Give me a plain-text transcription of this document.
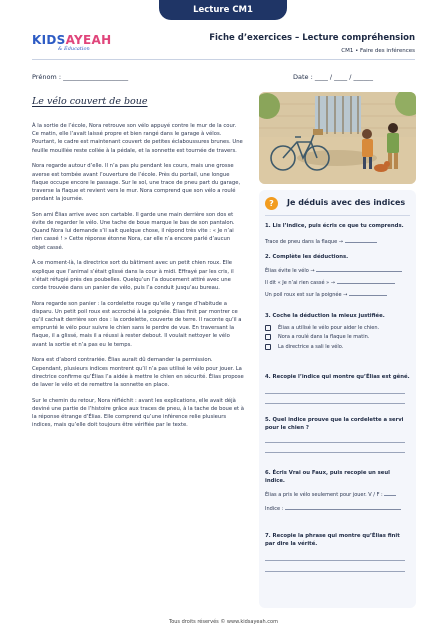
Lecture CM1
KIDSAYEAH
& Éducation
Fiche d’exercices – Lecture compréhension
CM1 • Faire des inférences
Prénom : ____________________	Date : ____ / ____ / ______
Le vélo couvert de boue

À la sortie de l’école, Nora retrouve son vélo appuyé contre le mur de la cour. Ce matin, elle l’avait laissé propre et bien rangé dans le garage à vélos. Pourtant, le cadre est maintenant couvert de petites éclaboussures brunes. Une feuille mouillée reste collée à la pédale, et la sonnette est tournée de travers.

Nora regarde autour d’elle. Il n’a pas plu pendant les cours, mais une grosse averse est tombée avant l’ouverture de l’école. Près du portail, une longue flaque occupe encore le passage. Sur le sol, une trace de pneu part du garage, traverse la flaque et revient vers le mur. Nora comprend que son vélo a roulé pendant la journée.

Son ami Élias arrive avec son cartable. Il garde une main derrière son dos et évite de regarder le vélo. Une tache de boue marque le bas de son pantalon. Quand Nora lui demande s’il sait quelque chose, il répond très vite : « Je n’ai rien cassé ! » Cette réponse étonne Nora, car elle n’a encore parlé d’aucun objet cassé.

À ce moment-là, la directrice sort du bâtiment avec un petit chien roux. Elle explique que l’animal s’était glissé dans la cour à midi. Effrayé par les cris, il s’était réfugié près des poubelles. Quelqu’un l’a doucement attiré avec une corde trouvée dans un panier de vélo, puis l’a conduit jusqu’au bureau.

Nora regarde son panier : la cordelette rouge qu’elle y range d’habitude a disparu. Un petit poil roux est accroché à la poignée. Élias finit par montrer ce qu’il cachait derrière son dos : la cordelette, couverte de terre. Il raconte qu’il a emprunté le vélo pour suivre le chien sans le perdre de vue. En traversant la flaque, il a glissé, mais il a réussi à rester debout. Il voulait nettoyer le vélo avant la sortie et n’a pas eu le temps.

Nora est d’abord contrariée. Élias aurait dû demander la permission. Cependant, plusieurs indices montrent qu’il n’a pas utilisé le vélo pour jouer. La directrice confirme qu’Élias l’a aidée à mettre le chien en sécurité. Élias propose de laver le vélo et de remettre la sonnette en place.

Sur le chemin du retour, Nora réfléchit : avant les explications, elle avait déjà deviné une partie de l’histoire grâce aux traces de pneu, à la tache de boue et à la réponse étrange d’Élias. Elle comprend qu’une inférence relie plusieurs indices, mais qu’elle doit toujours être vérifiée par le texte.

?	Je déduis avec des indices
1. Lis l’indice, puis écris ce que tu comprends.
Trace de pneu dans la flaque →
2. Complète les déductions.
Élias évite le vélo →
Il dit « Je n’ai rien cassé » →
Un poil roux est sur la poignée →
3. Coche la déduction la mieux justifiée.
Élias a utilisé le vélo pour aider le chien.
Nora a roulé dans la flaque le matin.
La directrice a sali le vélo.
4. Recopie l’indice qui montre qu’Élias est gêné.
5. Quel indice prouve que la cordelette a servi pour le chien ?
6. Écris Vrai ou Faux, puis recopie un seul indice.
Élias a pris le vélo seulement pour jouer. V / F :
Indice :
7. Recopie la phrase qui montre qu’Élias finit par dire la vérité.
Tous droits réservés © www.kidsayeah.com
